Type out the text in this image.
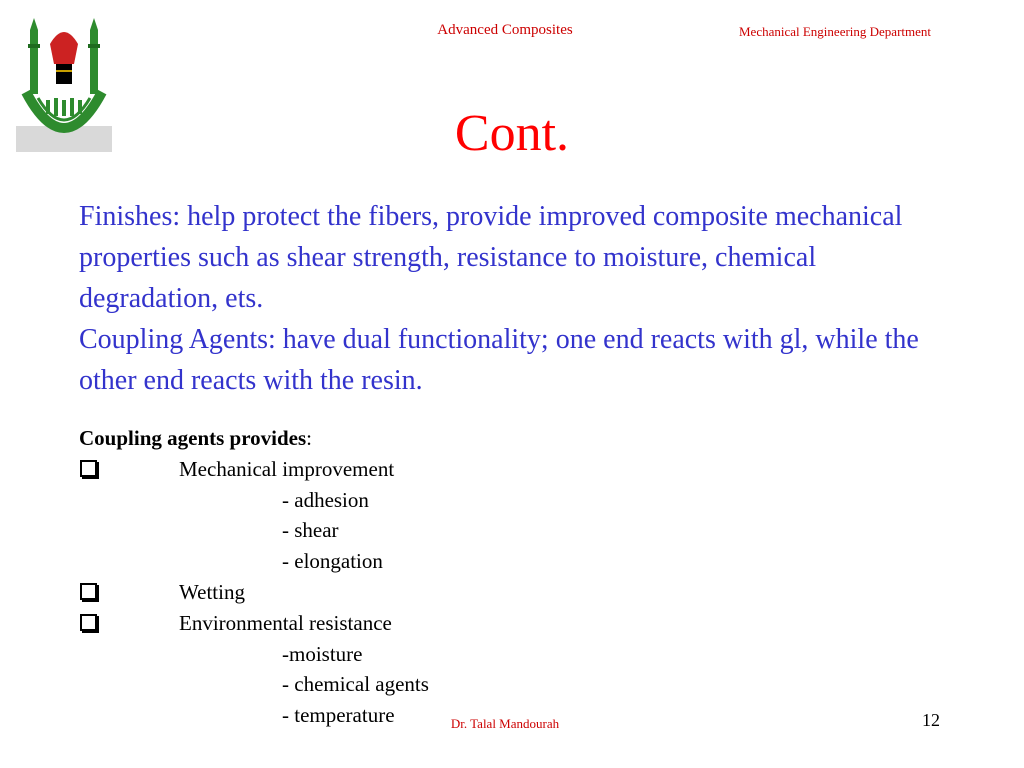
Advanced Composites	Mechanical Engineering Department
Cont.

Finishes: help protect the fibers, provide improved composite mechanical properties such as shear strength, resistance to moisture, chemical degradation, ets.

Coupling Agents: have dual functionality; one end reacts with gl, while the other end reacts with the resin.

Coupling agents provides:
Mechanical improvement
- adhesion
- shear
- elongation
Wetting
Environmental resistance
-moisture
- chemical agents
- temperature	Dr. Talal Mandourah	12
